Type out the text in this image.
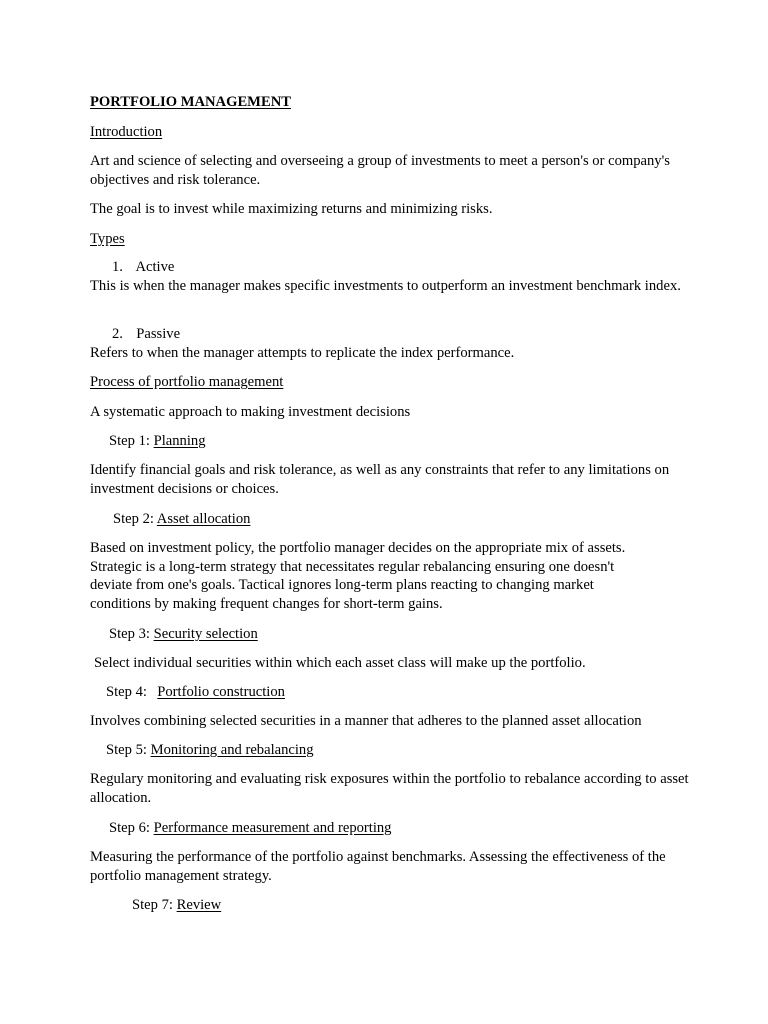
PORTFOLIO MANAGEMENT
Introduction
Art and science of selecting and overseeing a group of investments to meet a person's or company's objectives and risk tolerance.
The goal is to invest while maximizing returns and minimizing risks.
Types
1. Active
This is when the manager makes specific investments to outperform an investment benchmark index.
2. Passive
Refers to when the manager attempts to replicate the index performance.
Process of portfolio management
A systematic approach to making investment decisions
Step 1: Planning
Identify financial goals and risk tolerance, as well as any constraints that refer to any limitations on investment decisions or choices.
Step 2: Asset allocation
Based on investment policy, the portfolio manager decides on the appropriate mix of assets. Strategic is a long-term strategy that necessitates regular rebalancing ensuring one doesn't deviate from one's goals. Tactical ignores long-term plans reacting to changing market conditions by making frequent changes for short-term gains.
Step 3: Security selection
Select individual securities within which each asset class will make up the portfolio.
Step 4: Portfolio construction
Involves combining selected securities in a manner that adheres to the planned asset allocation
Step 5: Monitoring and rebalancing
Regulary monitoring and evaluating risk exposures within the portfolio to rebalance according to asset allocation.
Step 6: Performance measurement and reporting
Measuring the performance of the portfolio against benchmarks. Assessing the effectiveness of the portfolio management strategy.
Step 7: Review
